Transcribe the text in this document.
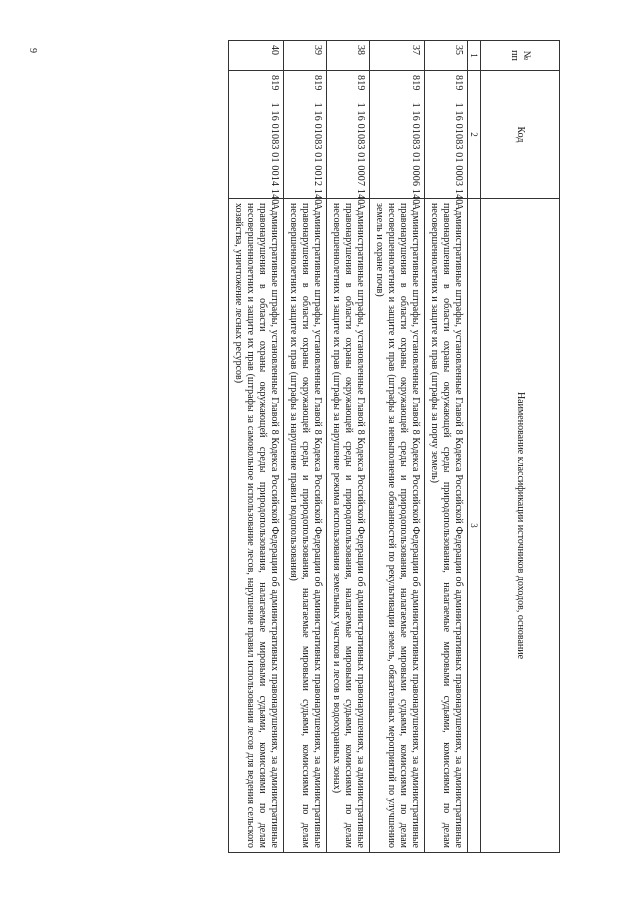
9
№ пп	Код	Наименование классификации источников доходов, основание
1	2	3
35	8191 16 01083 01 0003 140	Административные штрафы, установленные Главой 8 Кодекса Российской Федерации об административных правонарушениях, за административные правонарушения в области охраны окружающей среды природопользования, налагаемые мировыми судьями, комиссиями по делам несовершеннолетних и защите их прав (штрафы за порчу земель)
37	8191 16 01083 01 0006 140	Административные штрафы, установленные Главой 8 Кодекса Российской Федерации об административных правонарушениях, за административные правонарушения в области охраны окружающей среды и природопользования, налагаемые мировыми судьями, комиссиями по делам несовершеннолетних и защите их прав (штрафы за невыполнение обязанностей по рекультивации земель, обязательных мероприятий по улучшению земель и охране почв)
38	8191 16 01083 01 0007 140	Административные штрафы, установленные Главой 8 Кодекса Российской Федерации об административных правонарушениях, за административные правонарушения в области охраны окружающей среды и природопользования, налагаемые мировыми судьями, комиссиями по делам несовершеннолетних и защите их прав (штрафы за нарушение режима использования земельных участков и лесов в водоохранных зонах)
39	8191 16 01083 01 0012 140	Административные штрафы, установленные Главой 8 Кодекса Российской Федерации об административных правонарушениях, за административные правонарушения в области охраны окружающей среды и природопользования, налагаемые мировыми судьями, комиссиями по делам несовершеннолетних и защите их прав (штрафы за нарушение правил водопользования)
40	8191 16 01083 01 0014 140	Административные штрафы, установленные Главой 8 Кодекса Российской Федерации об административных правонарушениях, за административные правонарушения в области охраны окружающей среды природопользования, налагаемые мировыми судьями, комиссиями по делам несовершеннолетних и защите их прав (штрафы за самовольное использование лесов, нарушение правил использования лесов для ведения сельского хозяйства, уничтожение лесных ресурсов)
